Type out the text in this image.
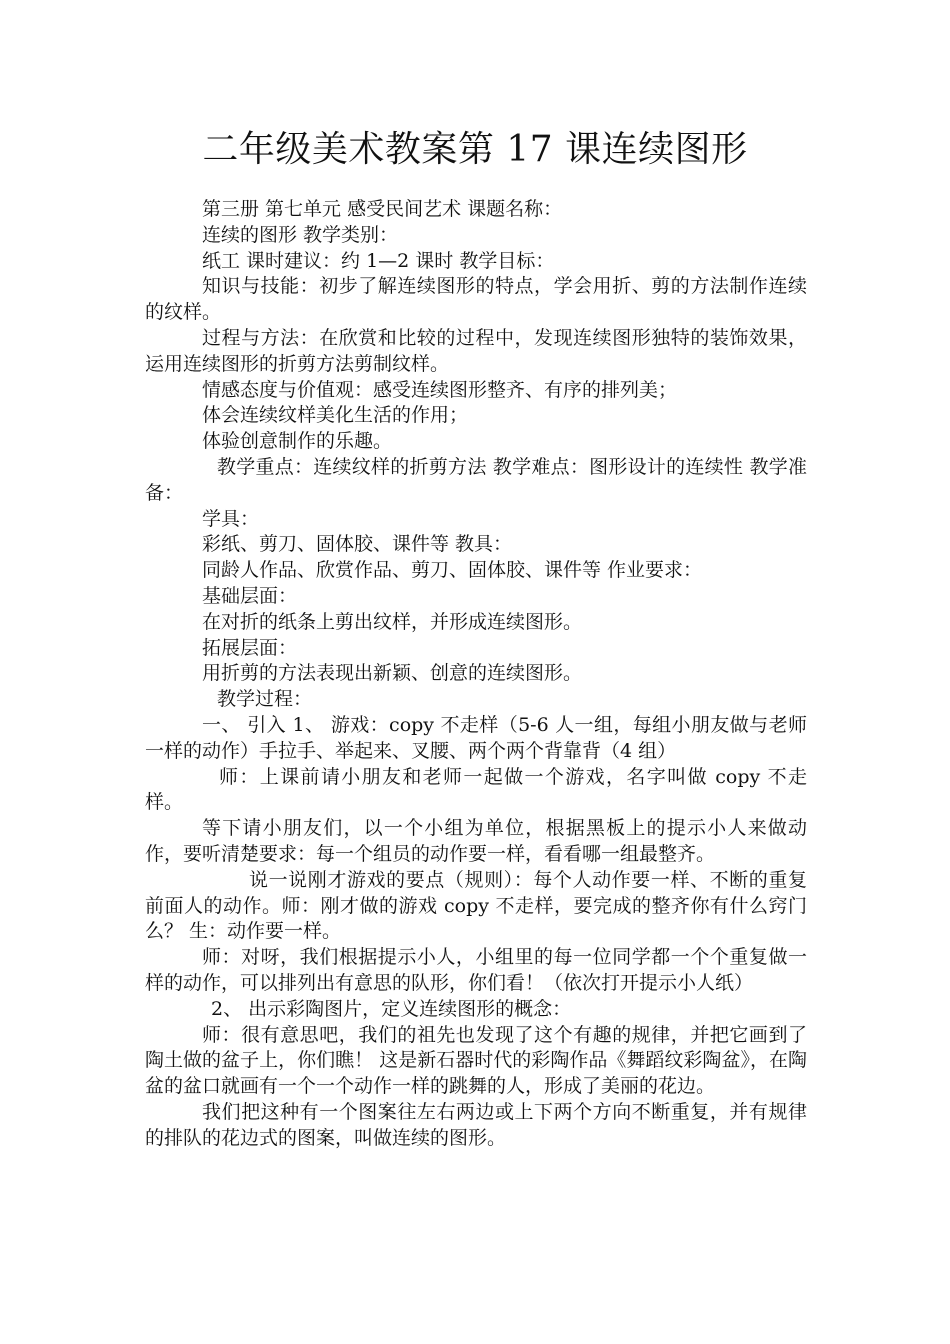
二年级美术教案第 17 课连续图形

第三册 第七单元 感受民间艺术 课题名称：

连续的图形 教学类别：

纸工 课时建议：约 1—2 课时 教学目标：

知识与技能：初步了解连续图形的特点，学会用折、剪的方法制作连续的纹样。

过程与方法：在欣赏和比较的过程中，发现连续图形独特的装饰效果，运用连续图形的折剪方法剪制纹样。

情感态度与价值观：感受连续图形整齐、有序的排列美；

体会连续纹样美化生活的作用；

体验创意制作的乐趣。

教学重点：连续纹样的折剪方法 教学难点：图形设计的连续性 教学准备：

学具：

彩纸、剪刀、固体胶、课件等 教具：

同龄人作品、欣赏作品、剪刀、固体胶、课件等 作业要求：

基础层面：

在对折的纸条上剪出纹样，并形成连续图形。

拓展层面：

用折剪的方法表现出新颖、创意的连续图形。

教学过程：

一、 引入 1、 游戏：copy 不走样（5-6 人一组，每组小朋友做与老师一样的动作）手拉手、举起来、叉腰、两个两个背靠背（4 组）

师：上课前请小朋友和老师一起做一个游戏，名字叫做 copy 不走样。

等下请小朋友们，以一个小组为单位，根据黑板上的提示小人来做动作，要听清楚要求：每一个组员的动作要一样，看看哪一组最整齐。

说一说刚才游戏的要点（规则）：每个人动作要一样、不断的重复前面人的动作。师：刚才做的游戏 copy 不走样，要完成的整齐你有什么窍门么？ 生：动作要一样。

师：对呀，我们根据提示小人，小组里的每一位同学都一个个重复做一样的动作，可以排列出有意思的队形，你们看！（依次打开提示小人纸）

2、 出示彩陶图片，定义连续图形的概念：

师：很有意思吧，我们的祖先也发现了这个有趣的规律，并把它画到了陶土做的盆子上，你们瞧！ 这是新石器时代的彩陶作品《舞蹈纹彩陶盆》，在陶盆的盆口就画有一个一个动作一样的跳舞的人，形成了美丽的花边。

我们把这种有一个图案往左右两边或上下两个方向不断重复，并有规律的排队的花边式的图案，叫做连续的图形。
